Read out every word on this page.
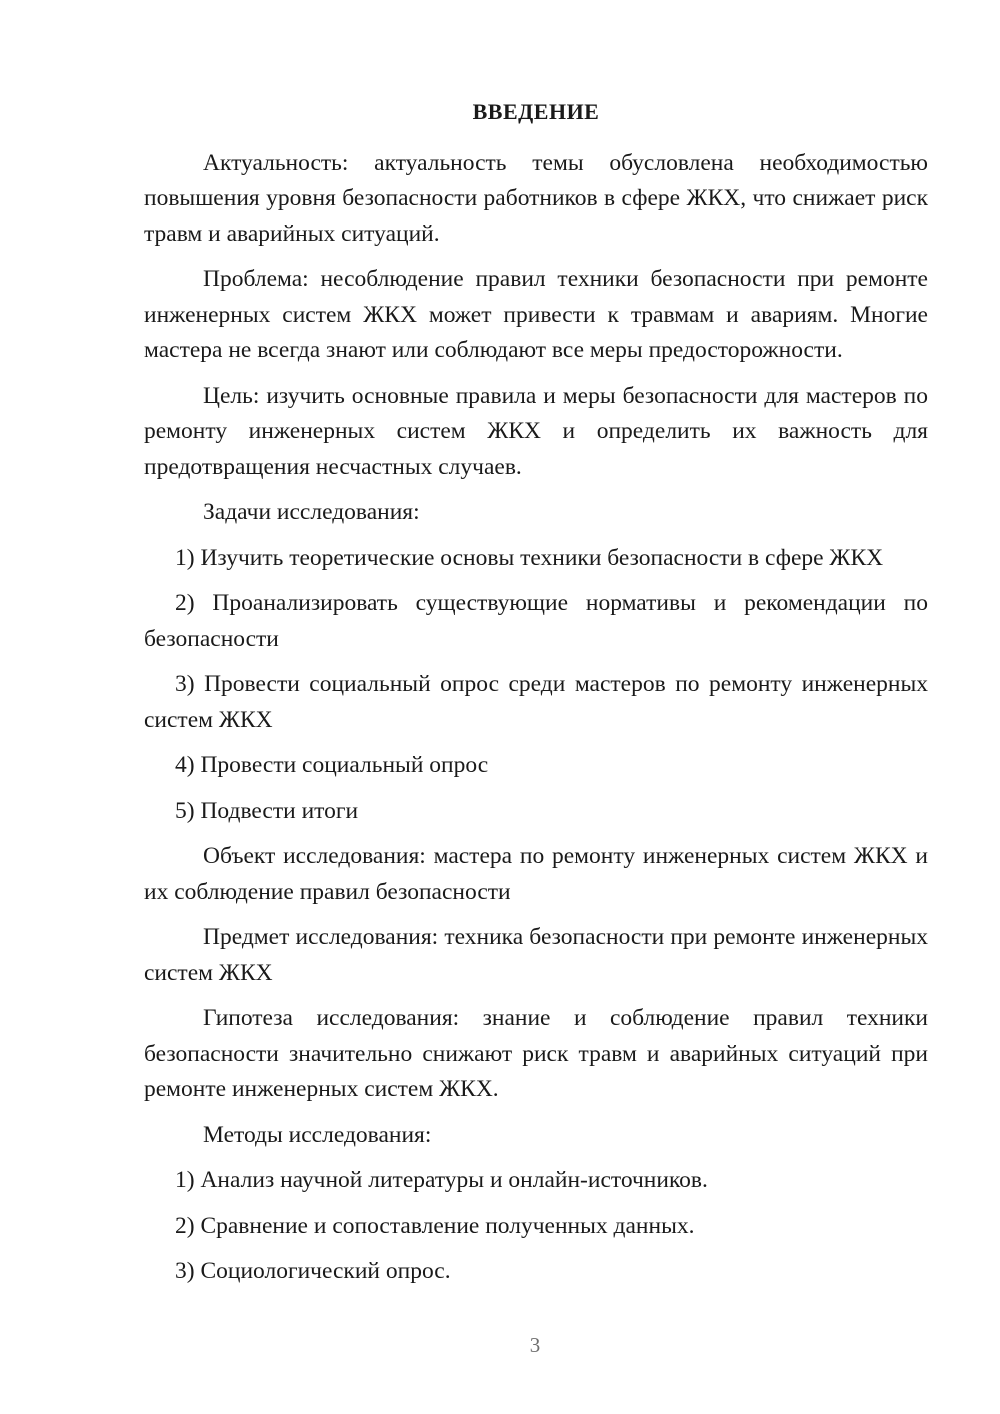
ВВЕДЕНИЕ

Актуальность: актуальность темы обусловлена необходимостью повышения уровня безопасности работников в сфере ЖКХ, что снижает риск травм и аварийных ситуаций.

Проблема: несоблюдение правил техники безопасности при ремонте инженерных систем ЖКХ может привести к травмам и авариям. Многие мастера не всегда знают или соблюдают все меры предосторожности.

Цель: изучить основные правила и меры безопасности для мастеров по ремонту инженерных систем ЖКХ и определить их важность для предотвращения несчастных случаев.

Задачи исследования:

1) Изучить теоретические основы техники безопасности в сфере ЖКХ

2) Проанализировать существующие нормативы и рекомендации по безопасности

3) Провести социальный опрос среди мастеров по ремонту инженерных систем ЖКХ

4) Провести социальный опрос

5) Подвести итоги

Объект исследования: мастера по ремонту инженерных систем ЖКХ и их соблюдение правил безопасности

Предмет исследования: техника безопасности при ремонте инженерных систем ЖКХ

Гипотеза исследования: знание и соблюдение правил техники безопасности значительно снижают риск травм и аварийных ситуаций при ремонте инженерных систем ЖКХ.

Методы исследования:

1) Анализ научной литературы и онлайн-источников.

2) Сравнение и сопоставление полученных данных.

3) Социологический опрос.

3
